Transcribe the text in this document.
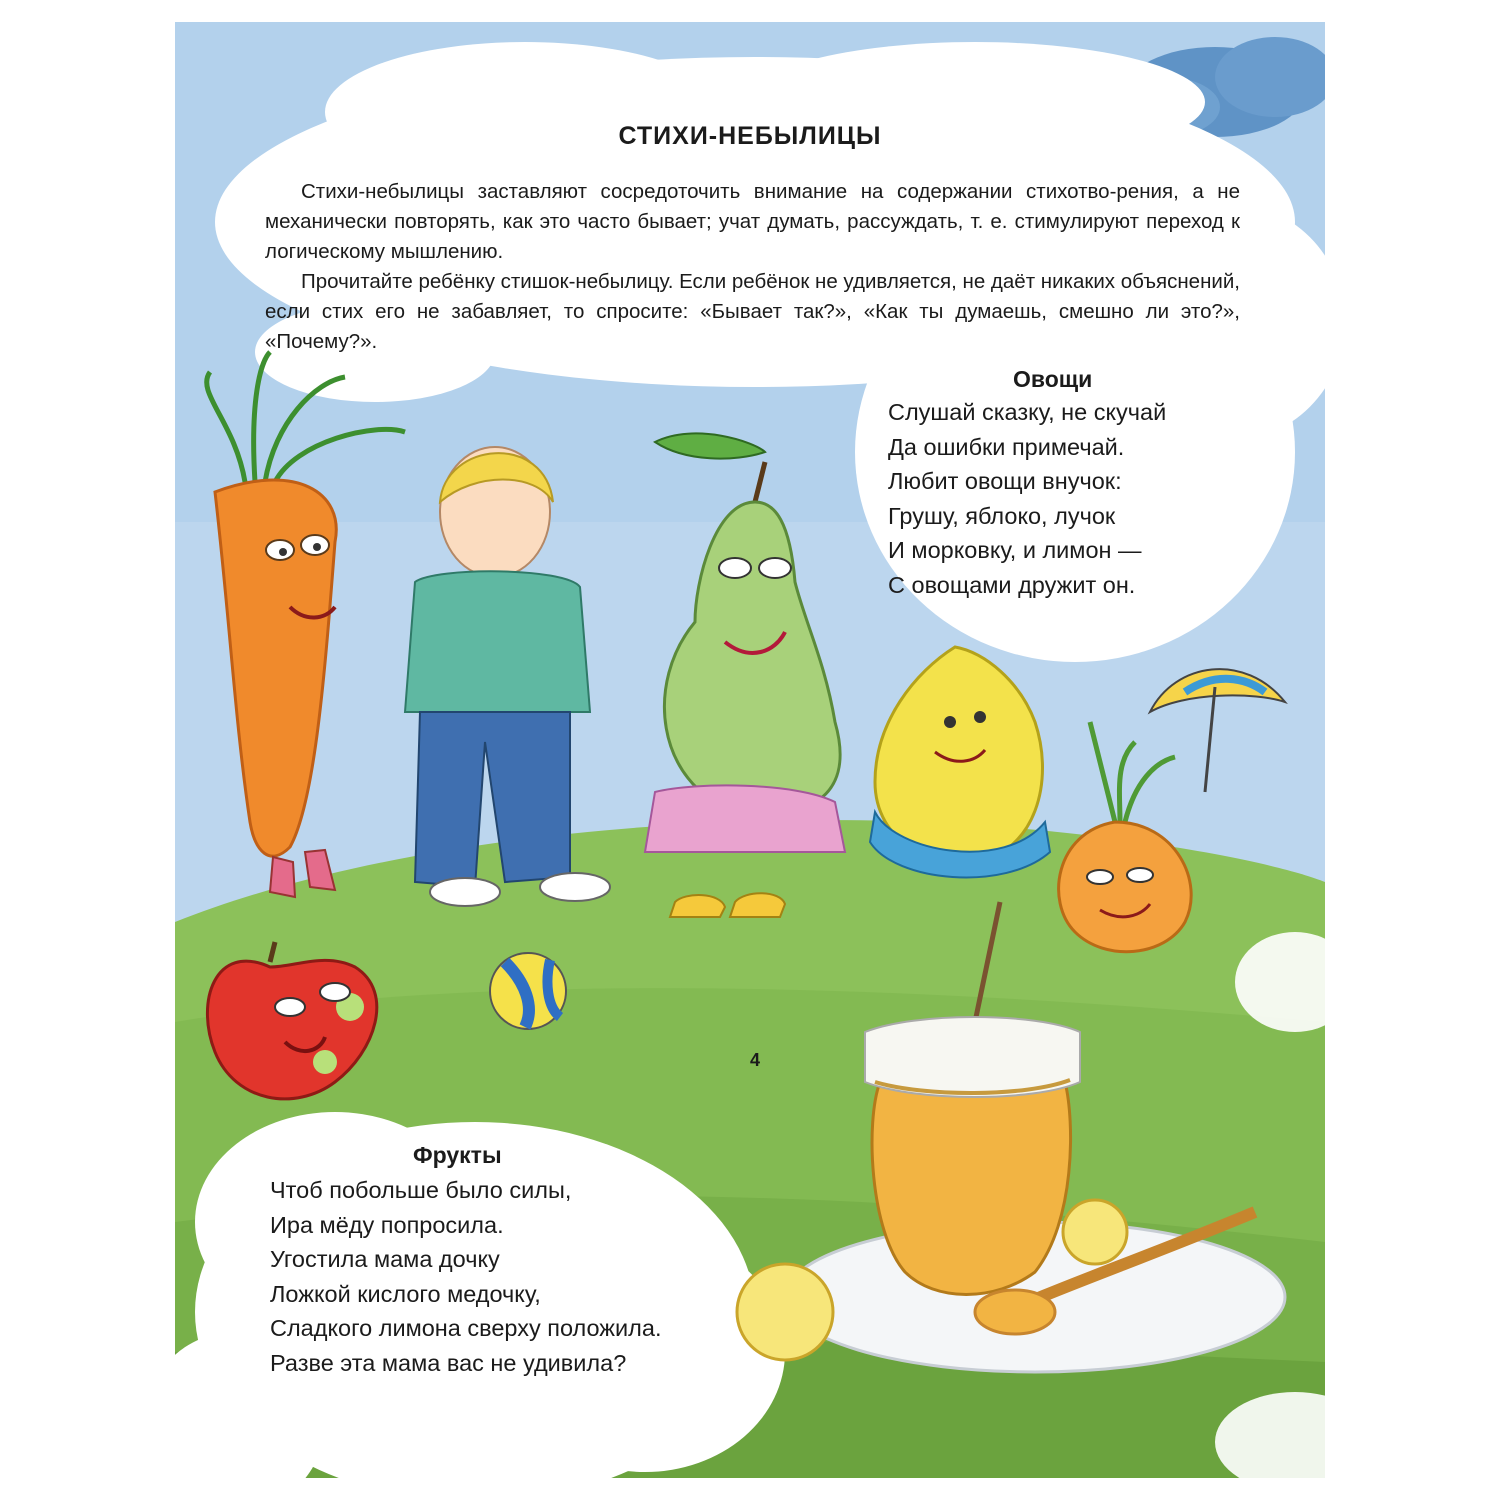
СТИХИ-НЕБЫЛИЦЫ

Стихи-небылицы заставляют сосредоточить внимание на содержании стихотво-рения, а не механически повторять, как это часто бывает; учат думать, рассуждать, т. е. стимулируют переход к логическому мышлению.

Прочитайте ребёнку стишок-небылицу. Если ребёнок не удивляется, не даёт никаких объяснений, если стих его не забавляет, то спросите: «Бывает так?», «Как ты думаешь, смешно ли это?», «Почему?».

Овощи
Слушай сказку, не скучай
Да ошибки примечай.
Любит овощи внучок:
Грушу, яблоко, лучок
И морковку, и лимон —
С овощами дружит он.
Фрукты
Чтоб побольше было силы,
Ира мёду попросила.
Угостила мама дочку
Ложкой кислого медочку,
Сладкого лимона сверху положила.
Разве эта мама вас не удивила?
4
